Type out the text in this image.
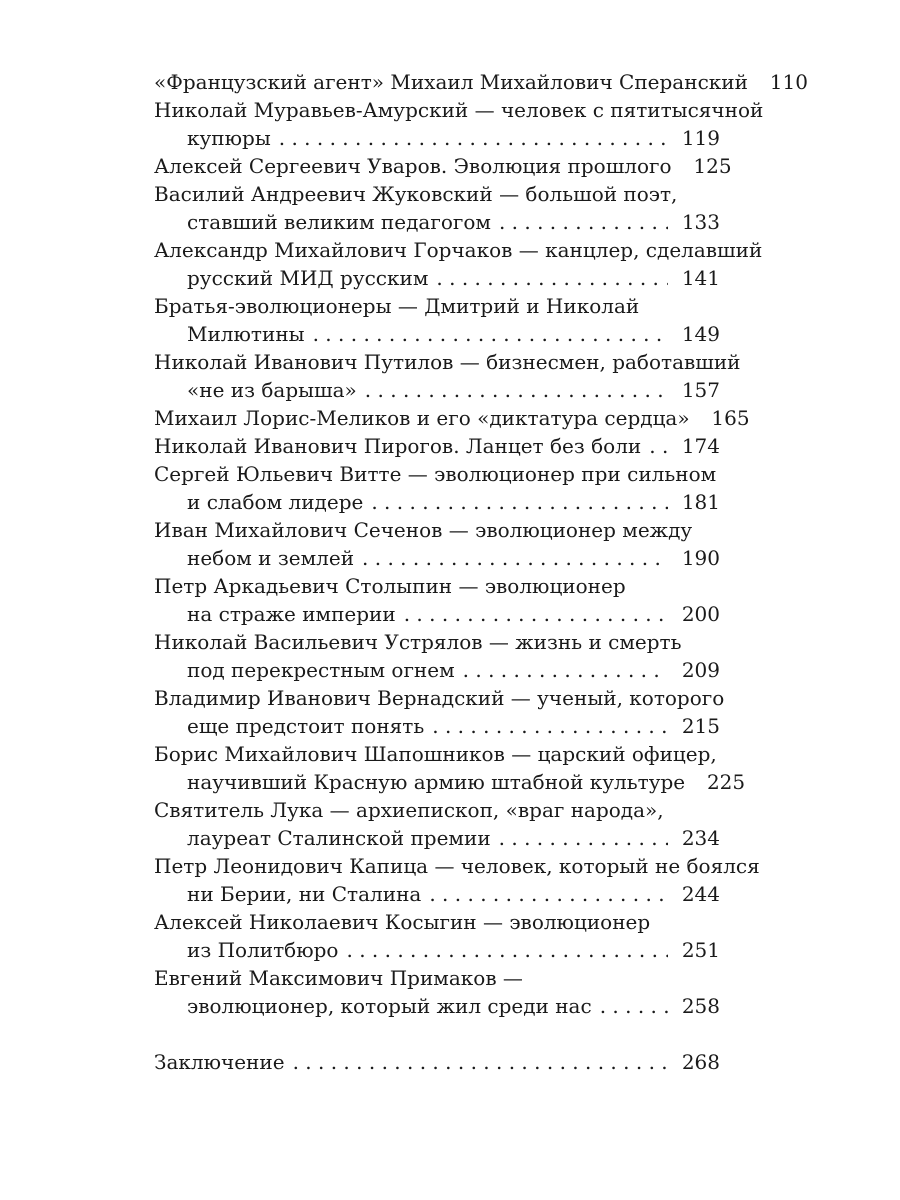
«Французский агент» Михаил Михайлович Сперанский	110
Николай Муравьев-Амурский — человек с пятитысячной
купюры . . .	119
Алексей Сергеевич Уваров. Эволюция прошлого	125
Василий Андреевич Жуковский — большой поэт,
ставший великим педагогом . . .	133
Александр Михайлович Горчаков — канцлер, сделавший
русский МИД русским . . .	141
Братья-эволюционеры — Дмитрий и Николай
Милютины . . .	149
Николай Иванович Путилов — бизнесмен, работавший
«не из барыша» . . .	157
Михаил Лорис-Меликов и его «диктатура сердца»	165
Николай Иванович Пирогов. Ланцет без боли . . .	174
Сергей Юльевич Витте — эволюционер при сильном
и слабом лидере . . .	181
Иван Михайлович Сеченов — эволюционер между
небом и землей . . .	190
Петр Аркадьевич Столыпин — эволюционер
на страже империи . . .	200
Николай Васильевич Устрялов — жизнь и смерть
под перекрестным огнем . . .	209
Владимир Иванович Вернадский — ученый, которого
еще предстоит понять . . .	215
Борис Михайлович Шапошников — царский офицер,
научивший Красную армию штабной культуре	225
Святитель Лука — архиепископ, «враг народа»,
лауреат Сталинской премии . . .	234
Петр Леонидович Капица — человек, который не боялся
ни Берии, ни Сталина . . .	244
Алексей Николаевич Косыгин — эволюционер
из Политбюро . . .	251
Евгений Максимович Примаков —
эволюционер, который жил среди нас . . .	258
Заключение . . .	268
